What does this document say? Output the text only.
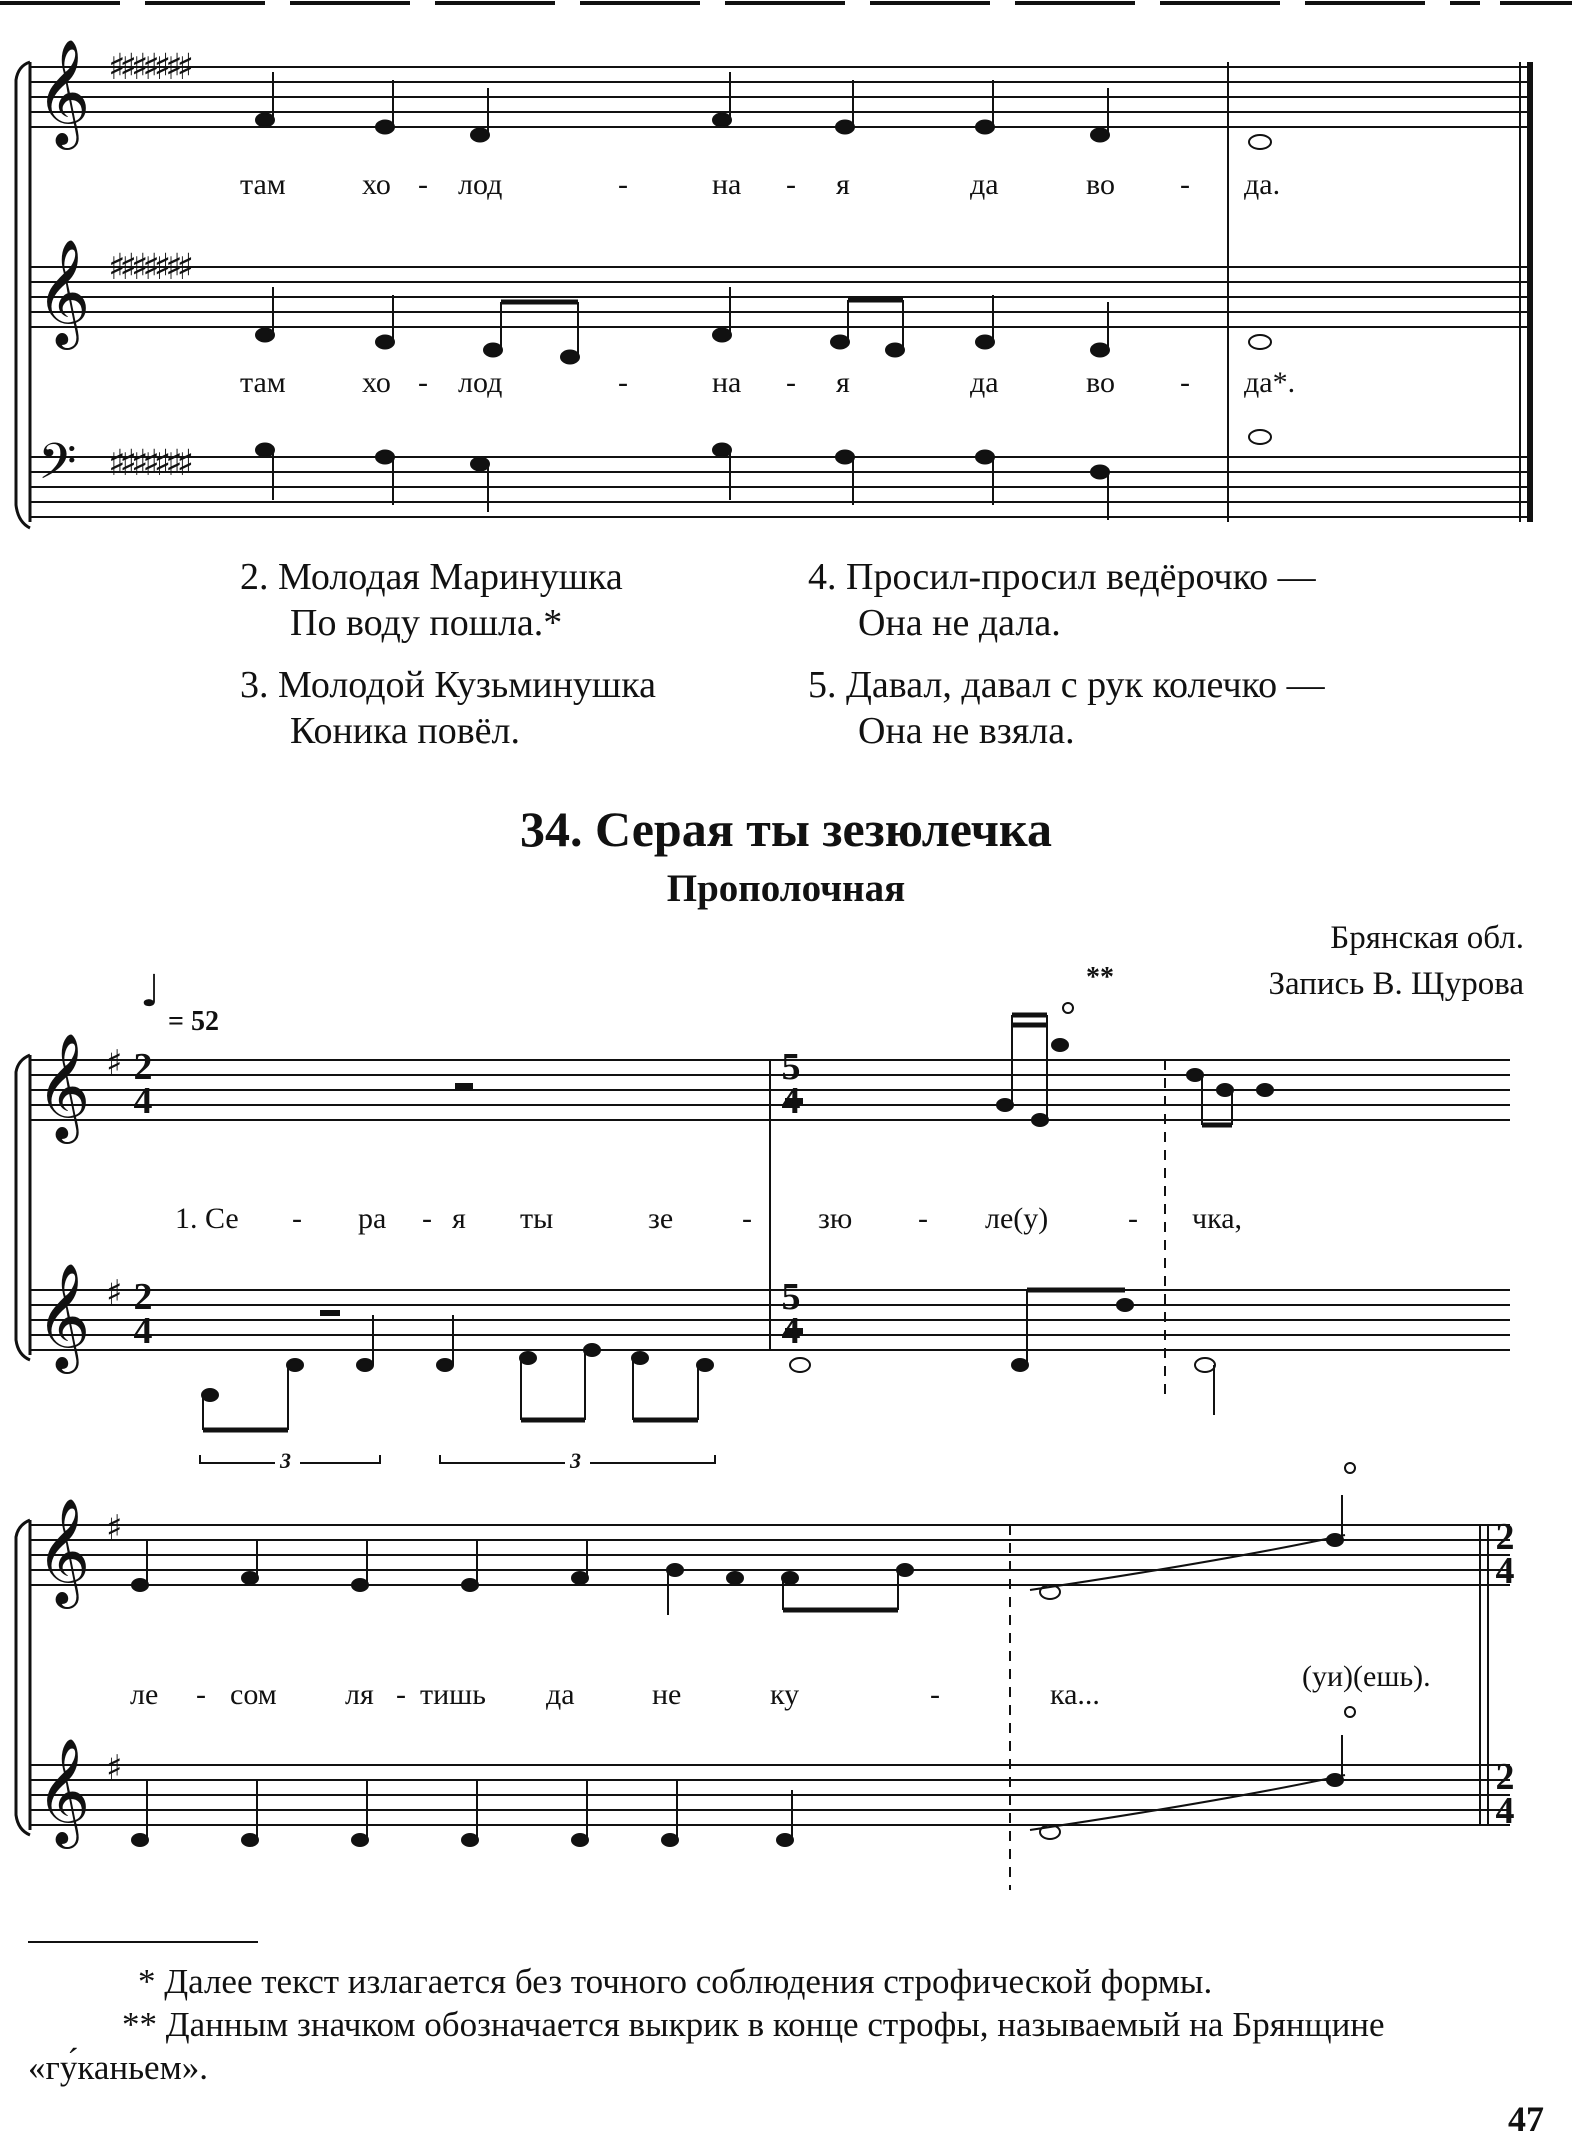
𝄞 ♯♯♯♯♯♯♯
𝄞 ♯♯♯♯♯♯♯
𝄢 ♯♯♯♯♯♯♯
там	хо - лод	-	на - я	да	во - да.
там	хо - лод	-	на - я	да	во - да*.
2. Молодая Маринушка
По воду пошла.*
3. Молодой Кузьминушка
Коника повёл.
4. Просил-просил ведёрочко —
Она не дала.
5. Давал, давал с рук колечко —
Она не взяла.
34. Серая ты зезюлечка
Прополочная
Брянская обл.
Запись В. Щурова
♩
= 52
**
𝄞 ♯ 2
4
5
4
𝄞 ♯ 2
4
5
4
3	3
1. Се - ра - я ты	зе - зю - ле(у)	- чка,
𝄞 ♯
𝄞 ♯
2
4
2
4
ле - сом ля - тишь да	не	ку	-	ка...
(уи)(ешь).

* Далее текст излагается без точного соблюдения строфической формы.

** Данным значком обозначается выкрик в конце строфы, называемый на Брянщине «гу́каньем».

47
